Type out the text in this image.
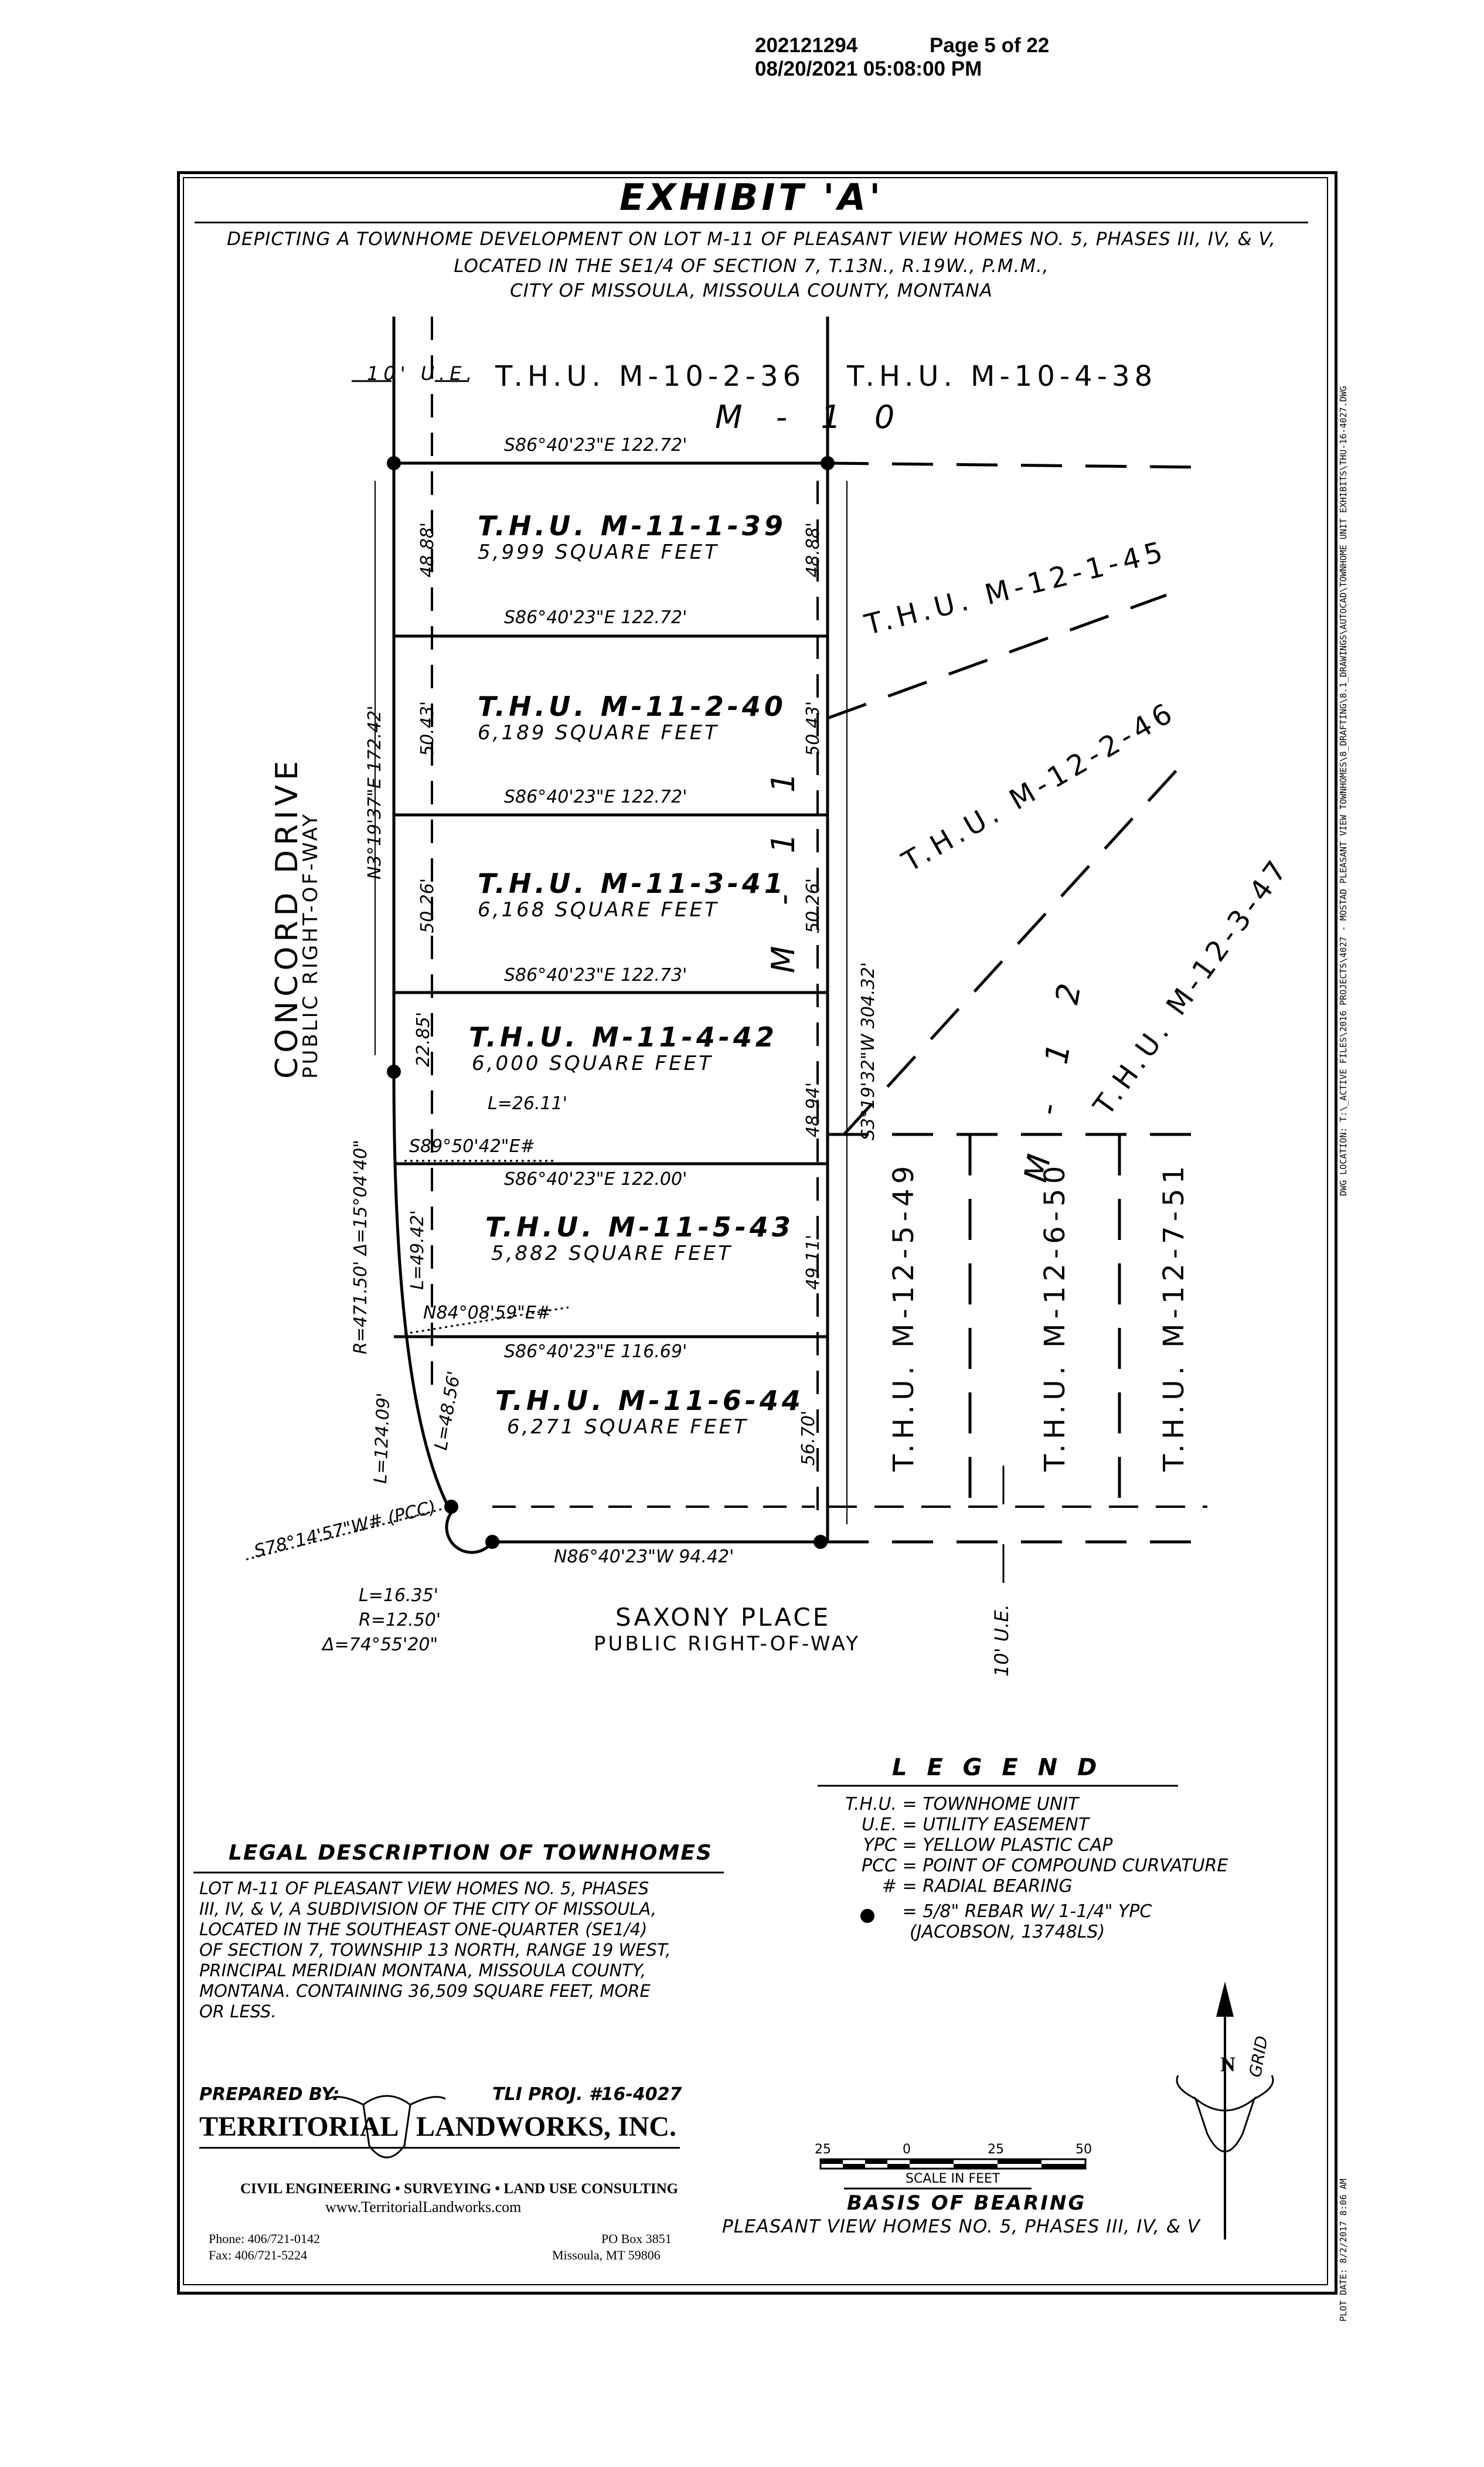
202121294	Page 5 of 22
08/20/2021 05:08:00 PM
DWG LOCATION: T:\_ACTIVE FILES\2016 PROJECTS\4027 - MOSTAD PLEASANT VIEW TOWNHOMES\8_DRAFTING\8.1_DRAWINGS\AUTOCAD\TOWNHOME UNIT EXHIBITS\THU-16-4027.DWG
PLOT DATE: 8/2/2017 8:06 AM
EXHIBIT 'A'
DEPICTING A TOWNHOME DEVELOPMENT ON LOT M-11 OF PLEASANT VIEW HOMES NO. 5, PHASES III, IV, & V,
LOCATED IN THE SE1/4 OF SECTION 7, T.13N., R.19W., P.M.M.,
CITY OF MISSOULA, MISSOULA COUNTY, MONTANA
10' U.E. T.H.U. M-10-2-36 T.H.U. M-10-4-38
M - 1 0
S86°40'23"E 122.72'
T.H.U. M-11-1-39
5,999 SQUARE FEET
48.88'	48.88'
S86°40'23"E 122.72'
T.H.U. M-11-2-40
6,189 SQUARE FEET
50.43'	50.43'
S86°40'23"E 122.72'
T.H.U. M-11-3-41
6,168 SQUARE FEET
50.26'	50.26'
S86°40'23"E 122.73'
T.H.U. M-11-4-42
6,000 SQUARE FEET
22.85'
48.94'
S86°40'23"E 122.00'
T.H.U. M-11-5-43
5,882 SQUARE FEET
L=49.42'	49.11'
S86°40'23"E 116.69'
T.H.U. M-11-6-44
6,271 SQUARE FEET
L=48.56'	56.70'
M - 1 1
M - 1 2
N3°19'37"E 172.42'
S3°19'32"W 304.32'
N86°40'23"W 94.42'
L=26.11'
S89°50'42"E#
N84°08'59"E#
R=471.50' Δ=15°04'40"
L=124.09'
S78°14'57"W# (PCC)
L=16.35'
R=12.50'
Δ=74°55'20"
T.H.U. M-12-1-45
T.H.U. M-12-2-46
T.H.U. M-12-3-47
T.H.U. M-12-5-49	T.H.U. M-12-6-50	T.H.U. M-12-7-51
10' U.E.
CONCORD DRIVE
PUBLIC RIGHT-OF-WAY
SAXONY PLACE
PUBLIC RIGHT-OF-WAY
L E G E N D
T.H.U. = TOWNHOME UNIT
U.E. = UTILITY EASEMENT
YPC = YELLOW PLASTIC CAP
PCC = POINT OF COMPOUND CURVATURE
# = RADIAL BEARING
● = 5/8" REBAR W/ 1-1/4" YPC
(JACOBSON, 13748LS)
LEGAL DESCRIPTION OF TOWNHOMES
LOT M-11 OF PLEASANT VIEW HOMES NO. 5, PHASES
III, IV, & V, A SUBDIVISION OF THE CITY OF MISSOULA,
LOCATED IN THE SOUTHEAST ONE-QUARTER (SE1/4)
OF SECTION 7, TOWNSHIP 13 NORTH, RANGE 19 WEST,
PRINCIPAL MERIDIAN MONTANA, MISSOULA COUNTY,
MONTANA. CONTAINING 36,509 SQUARE FEET, MORE
OR LESS.
PREPARED BY:	TLI PROJ. #16-4027
TERRITORIAL LANDWORKS, INC.
CIVIL ENGINEERING • SURVEYING • LAND USE CONSULTING
www.TerritorialLandworks.com
Phone: 406/721-0142
Fax: 406/721-5224
PO Box 3851
Missoula, MT 59806
25	0	25	50
SCALE IN FEET
BASIS OF BEARING
PLEASANT VIEW HOMES NO. 5, PHASES III, IV, & V
N GRID
